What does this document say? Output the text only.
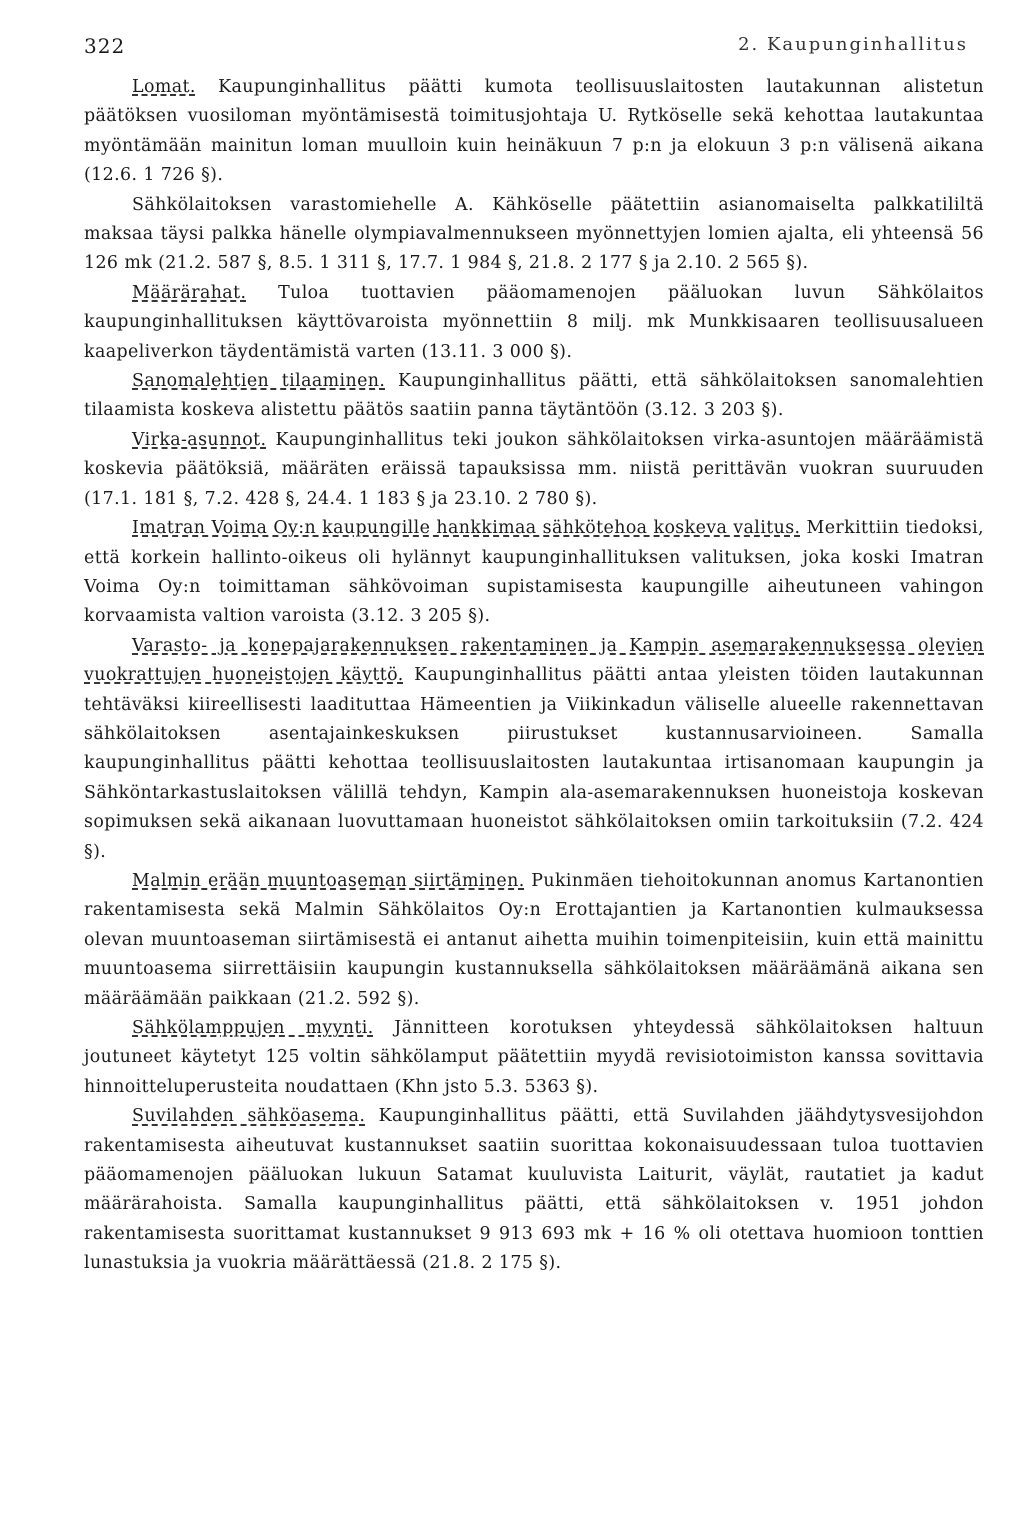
322	2. Kaupunginhallitus

Lomat. Kaupunginhallitus päätti kumota teollisuuslaitosten lautakunnan alistetun päätöksen vuosiloman myöntämisestä toimitusjohtaja U. Rytköselle sekä kehottaa lautakuntaa myöntämään mainitun loman muulloin kuin heinäkuun 7 p:n ja elokuun 3 p:n välisenä aikana (12.6. 1 726 §).

Sähkölaitoksen varastomiehelle A. Kähköselle päätettiin asianomaiselta palkkatililtä maksaa täysi palkka hänelle olympiavalmennukseen myönnettyjen lomien ajalta, eli yhteensä 56 126 mk (21.2. 587 §, 8.5. 1 311 §, 17.7. 1 984 §, 21.8. 2 177 § ja 2.10. 2 565 §).

Määrärahat. Tuloa tuottavien pääomamenojen pääluokan luvun Sähkölaitos kaupunginhallituksen käyttövaroista myönnettiin 8 milj. mk Munkkisaaren teollisuusalueen kaapeliverkon täydentämistä varten (13.11. 3 000 §).

Sanomalehtien tilaaminen. Kaupunginhallitus päätti, että sähkölaitoksen sanomalehtien tilaamista koskeva alistettu päätös saatiin panna täytäntöön (3.12. 3 203 §).

Virka-asunnot. Kaupunginhallitus teki joukon sähkölaitoksen virka-asuntojen määräämistä koskevia päätöksiä, määräten eräissä tapauksissa mm. niistä perittävän vuokran suuruuden (17.1. 181 §, 7.2. 428 §, 24.4. 1 183 § ja 23.10. 2 780 §).

Imatran Voima Oy:n kaupungille hankkimaa sähkötehoa koskeva valitus. Merkittiin tiedoksi, että korkein hallinto-oikeus oli hylännyt kaupunginhallituksen valituksen, joka koski Imatran Voima Oy:n toimittaman sähkövoiman supistamisesta kaupungille aiheutuneen vahingon korvaamista valtion varoista (3.12. 3 205 §).

Varasto- ja konepajarakennuksen rakentaminen ja Kampin asemarakennuksessa olevien vuokrattujen huoneistojen käyttö. Kaupunginhallitus päätti antaa yleisten töiden lautakunnan tehtäväksi kiireellisesti laadituttaa Hämeentien ja Viikinkadun väliselle alueelle rakennettavan sähkölaitoksen asentajainkeskuksen piirustukset kustannusarvioineen. Samalla kaupunginhallitus päätti kehottaa teollisuuslaitosten lautakuntaa irtisanomaan kaupungin ja Sähköntarkastuslaitoksen välillä tehdyn, Kampin ala-asemarakennuksen huoneistoja koskevan sopimuksen sekä aikanaan luovuttamaan huoneistot sähkölaitoksen omiin tarkoituksiin (7.2. 424 §).

Malmin erään muuntoaseman siirtäminen. Pukinmäen tiehoitokunnan anomus Kartanontien rakentamisesta sekä Malmin Sähkölaitos Oy:n Erottajantien ja Kartanontien kulmauksessa olevan muuntoaseman siirtämisestä ei antanut aihetta muihin toimenpiteisiin, kuin että mainittu muuntoasema siirrettäisiin kaupungin kustannuksella sähkölaitoksen määräämänä aikana sen määräämään paikkaan (21.2. 592 §).

Sähkölamppujen myynti. Jännitteen korotuksen yhteydessä sähkölaitoksen haltuun joutuneet käytetyt 125 voltin sähkölamput päätettiin myydä revisiotoimiston kanssa sovittavia hinnoitteluperusteita noudattaen (Khn jsto 5.3. 5363 §).

Suvilahden sähköasema. Kaupunginhallitus päätti, että Suvilahden jäähdytysvesijohdon rakentamisesta aiheutuvat kustannukset saatiin suorittaa kokonaisuudessaan tuloa tuottavien pääomamenojen pääluokan lukuun Satamat kuuluvista Laiturit, väylät, rautatiet ja kadut määrärahoista. Samalla kaupunginhallitus päätti, että sähkölaitoksen v. 1951 johdon rakentamisesta suorittamat kustannukset 9 913 693 mk + 16 % oli otettava huomioon tonttien lunastuksia ja vuokria määrättäessä (21.8. 2 175 §).
